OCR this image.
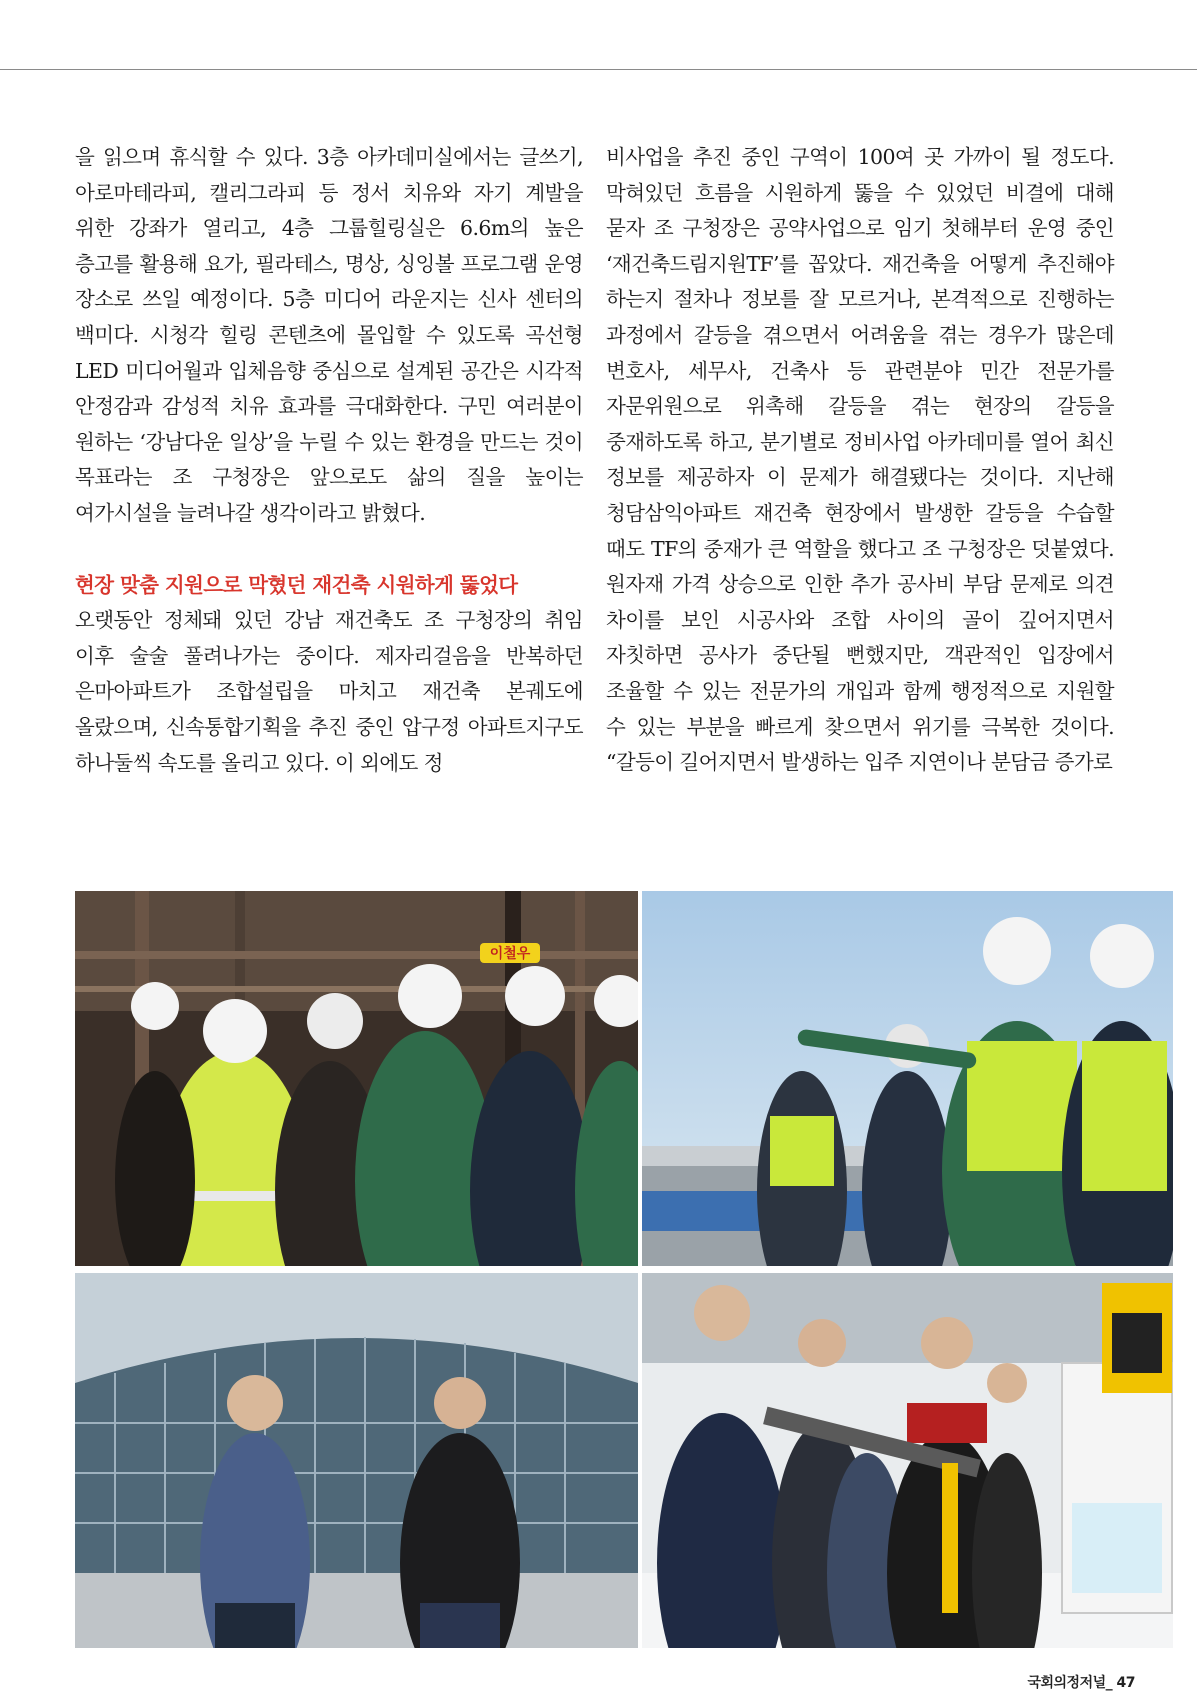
을 읽으며 휴식할 수 있다. 3층 아카데미실에서는 글쓰기, 아로마테라피, 캘리그라피 등 정서 치유와 자기 계발을 위한 강좌가 열리고, 4층 그룹힐링실은 6.6m의 높은 층고를 활용해 요가, 필라테스, 명상, 싱잉볼 프로그램 운영 장소로 쓰일 예정이다. 5층 미디어 라운지는 신사 센터의 백미다. 시청각 힐링 콘텐츠에 몰입할 수 있도록 곡선형 LED 미디어월과 입체음향 중심으로 설계된 공간은 시각적 안정감과 감성적 치유 효과를 극대화한다. 구민 여러분이 원하는 ‘강남다운 일상’을 누릴 수 있는 환경을 만드는 것이 목표라는 조 구청장은 앞으로도 삶의 질을 높이는 여가시설을 늘려나갈 생각이라고 밝혔다.

현장 맞춤 지원으로 막혔던 재건축 시원하게 뚫었다

오랫동안 정체돼 있던 강남 재건축도 조 구청장의 취임 이후 술술 풀려나가는 중이다. 제자리걸음을 반복하던 은마아파트가 조합설립을 마치고 재건축 본궤도에 올랐으며, 신속통합기획을 추진 중인 압구정 아파트지구도 하나둘씩 속도를 올리고 있다. 이 외에도 정

비사업을 추진 중인 구역이 100여 곳 가까이 될 정도다. 막혀있던 흐름을 시원하게 뚫을 수 있었던 비결에 대해 묻자 조 구청장은 공약사업으로 임기 첫해부터 운영 중인 ‘재건축드림지원TF’를 꼽았다. 재건축을 어떻게 추진해야 하는지 절차나 정보를 잘 모르거나, 본격적으로 진행하는 과정에서 갈등을 겪으면서 어려움을 겪는 경우가 많은데 변호사, 세무사, 건축사 등 관련분야 민간 전문가를 자문위원으로 위촉해 갈등을 겪는 현장의 갈등을 중재하도록 하고, 분기별로 정비사업 아카데미를 열어 최신 정보를 제공하자 이 문제가 해결됐다는 것이다. 지난해 청담삼익아파트 재건축 현장에서 발생한 갈등을 수습할 때도 TF의 중재가 큰 역할을 했다고 조 구청장은 덧붙였다. 원자재 가격 상승으로 인한 추가 공사비 부담 문제로 의견 차이를 보인 시공사와 조합 사이의 골이 깊어지면서 자칫하면 공사가 중단될 뻔했지만, 객관적인 입장에서 조율할 수 있는 전문가의 개입과 함께 행정적으로 지원할 수 있는 부분을 빠르게 찾으면서 위기를 극복한 것이다. “갈등이 길어지면서 발생하는 입주 지연이나 분담금 증가로

이철우
국회의정저널_ 47
